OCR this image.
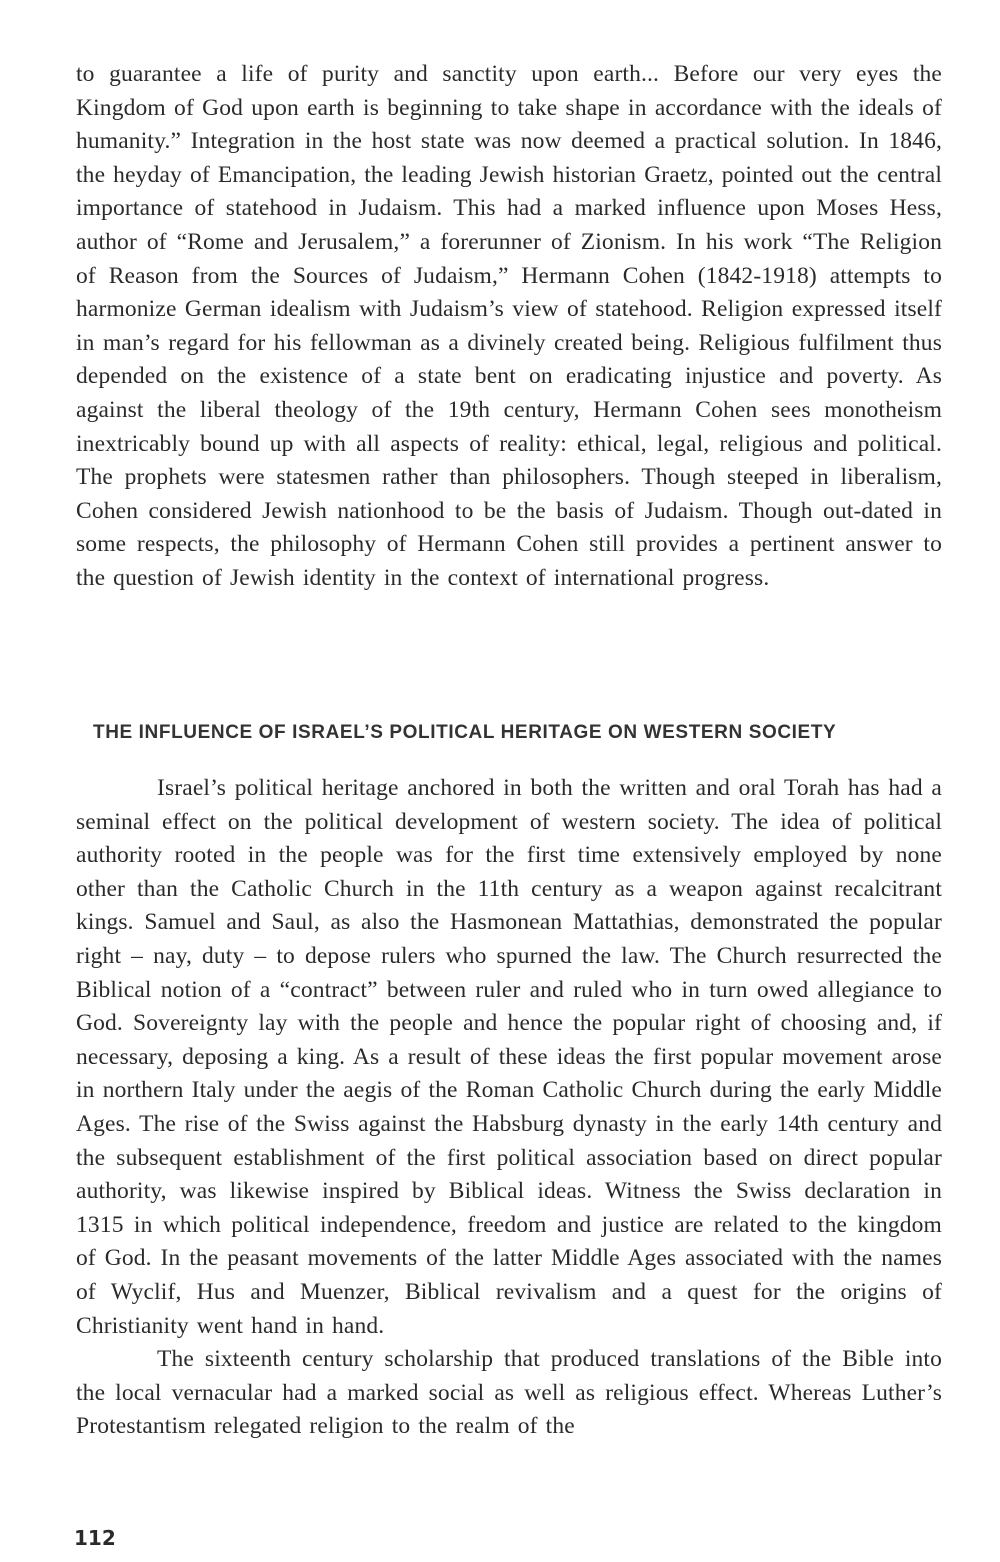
to guarantee a life of purity and sanctity upon earth... Before our very eyes the Kingdom of God upon earth is beginning to take shape in accordance with the ideals of humanity.” Integration in the host state was now deemed a practical solution. In 1846, the heyday of Emancipation, the leading Jewish historian Graetz, pointed out the central importance of statehood in Judaism. This had a marked influence upon Moses Hess, author of “Rome and Jerusalem,” a forerunner of Zionism. In his work “The Religion of Reason from the Sources of Judaism,” Hermann Cohen (1842-1918) attempts to harmonize German idealism with Judaism’s view of statehood. Religion expressed itself in man’s regard for his fellowman as a divinely created being. Religious fulfilment thus depended on the existence of a state bent on eradicating injustice and poverty. As against the liberal theology of the 19th century, Hermann Cohen sees monotheism inextricably bound up with all aspects of reality: ethical, legal, religious and political. The prophets were statesmen rather than philosophers. Though steeped in liberalism, Cohen considered Jewish nationhood to be the basis of Judaism. Though out-dated in some respects, the philosophy of Hermann Cohen still provides a pertinent answer to the question of Jewish identity in the context of international progress.

THE INFLUENCE OF ISRAEL’S POLITICAL HERITAGE ON WESTERN SOCIETY

Israel’s political heritage anchored in both the written and oral Torah has had a seminal effect on the political development of western society. The idea of political authority rooted in the people was for the first time extensively employed by none other than the Catholic Church in the 11th century as a weapon against recalcitrant kings. Samuel and Saul, as also the Hasmonean Mattathias, demonstrated the popular right – nay, duty – to depose rulers who spurned the law. The Church resurrected the Biblical notion of a “contract” between ruler and ruled who in turn owed allegiance to God. Sovereignty lay with the people and hence the popular right of choosing and, if necessary, deposing a king. As a result of these ideas the first popular movement arose in northern Italy under the aegis of the Roman Catholic Church during the early Middle Ages. The rise of the Swiss against the Habsburg dynasty in the early 14th century and the subsequent establishment of the first political association based on direct popular authority, was likewise inspired by Biblical ideas. Witness the Swiss declaration in 1315 in which political independence, freedom and justice are related to the kingdom of God. In the peasant movements of the latter Middle Ages associated with the names of Wyclif, Hus and Muenzer, Biblical revivalism and a quest for the origins of Christianity went hand in hand.

The sixteenth century scholarship that produced translations of the Bible into the local vernacular had a marked social as well as religious effect. Whereas Luther’s Protestantism relegated religion to the realm of the

112
